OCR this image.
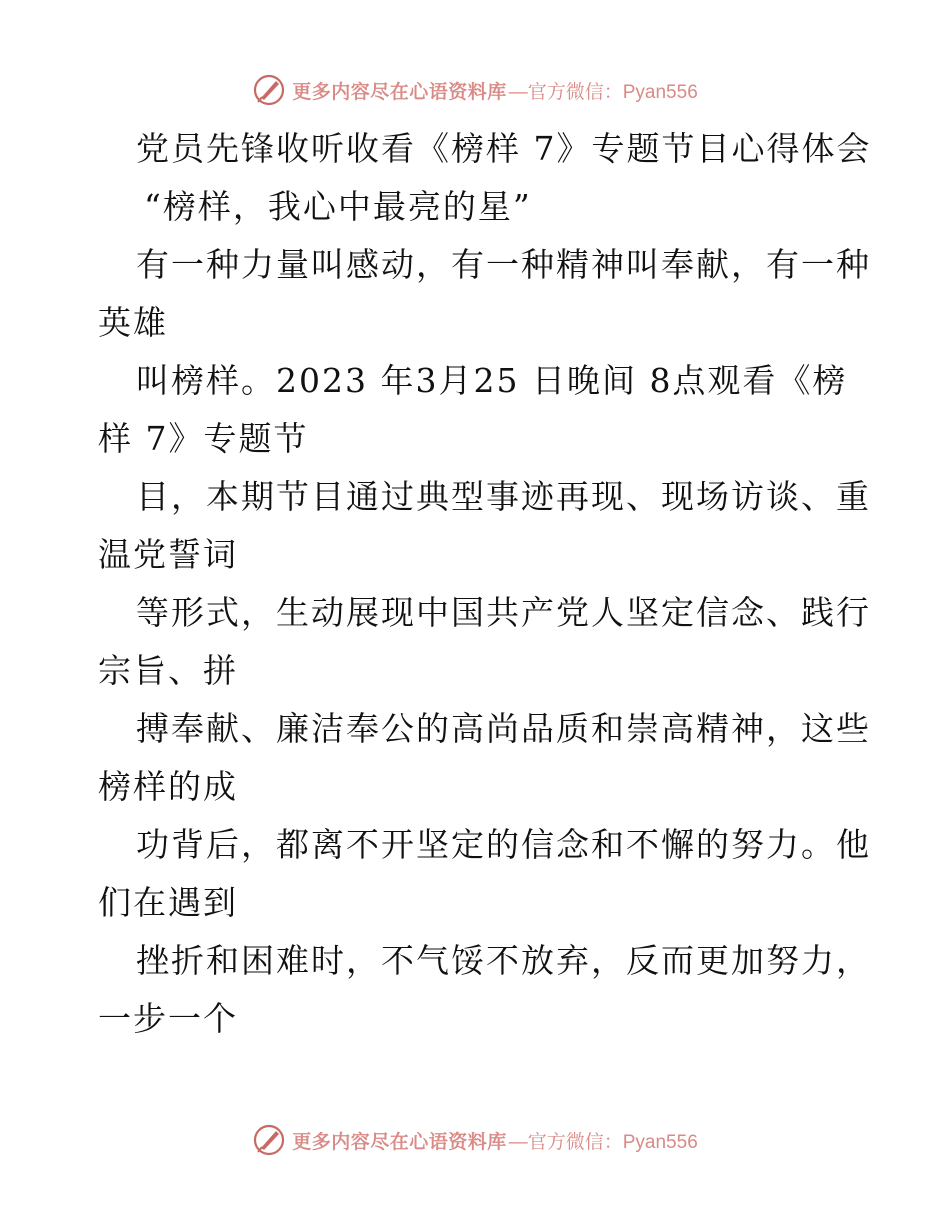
更多内容尽在心语资料库 —官方微信：Pyan556
党员先锋收听收看《榜样 7》专题节目心得体会
“榜样，我心中最亮的星”
有一种力量叫感动，有一种精神叫奉献，有一种
英雄
叫榜样。2023 年3月25 日晚间 8点观看《榜
样 7》专题节
目，本期节目通过典型事迹再现、现场访谈、重
温党誓词
等形式，生动展现中国共产党人坚定信念、践行
宗旨、拼
搏奉献、廉洁奉公的高尚品质和崇高精神，这些
榜样的成
功背后，都离不开坚定的信念和不懈的努力。他
们在遇到
挫折和困难时，不气馁不放弃，反而更加努力，
一步一个
更多内容尽在心语资料库 —官方微信：Pyan556
